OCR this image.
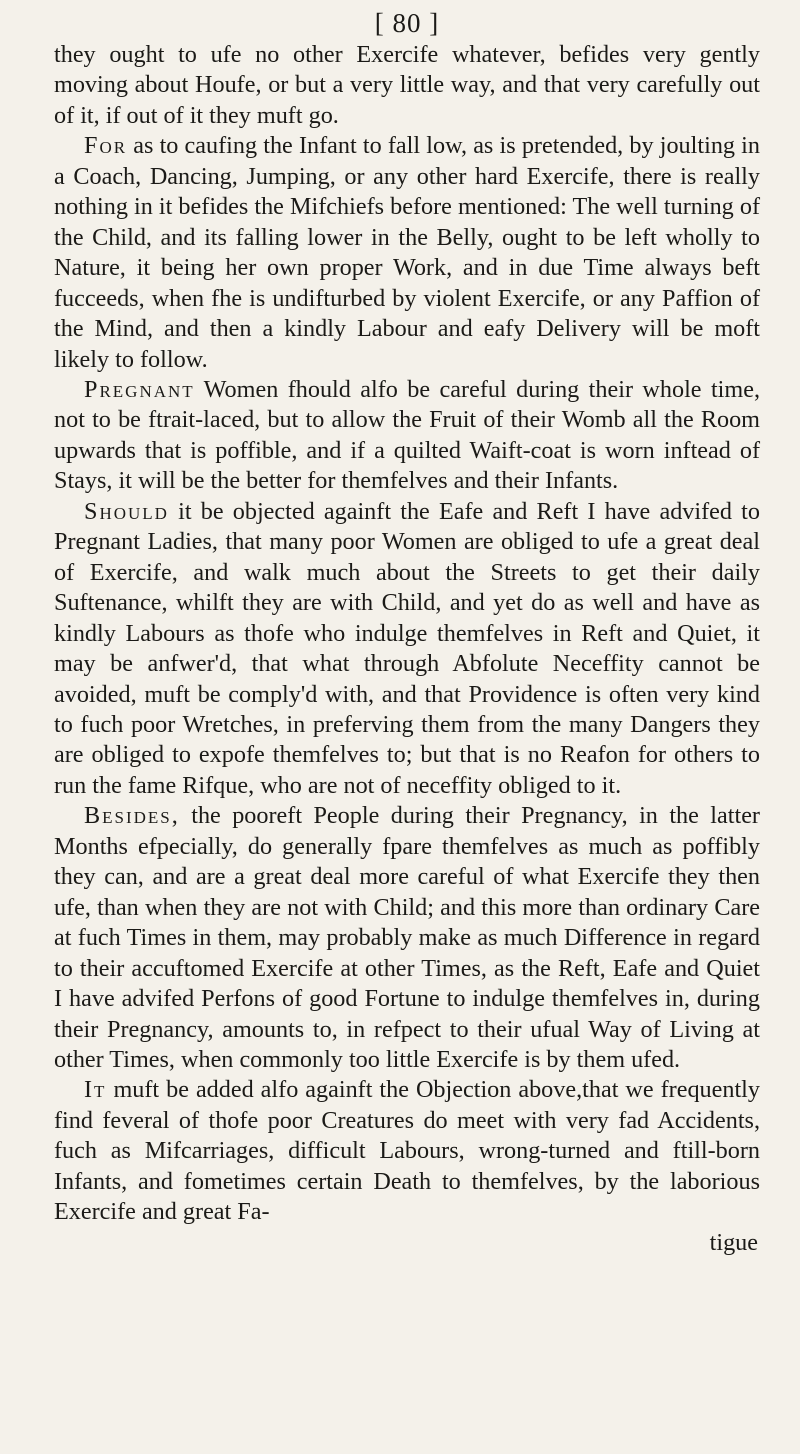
[ 80 ]

they ought to ufe no other Exercife whatever, befides very gently moving about Houfe, or but a very little way, and that very carefully out of it, if out of it they muft go.

For as to caufing the Infant to fall low, as is pretended, by joulting in a Coach, Dancing, Jumping, or any other hard Exercife, there is really nothing in it befides the Mifchiefs before mentioned: The well turning of the Child, and its falling lower in the Belly, ought to be left wholly to Nature, it being her own proper Work, and in due Time always beft fucceeds, when fhe is undifturbed by violent Exercife, or any Paffion of the Mind, and then a kindly Labour and eafy Delivery will be moft likely to follow.

Pregnant Women fhould alfo be careful during their whole time, not to be ftrait-laced, but to allow the Fruit of their Womb all the Room upwards that is poffible, and if a quilted Waift-coat is worn inftead of Stays, it will be the better for themfelves and their Infants.

Should it be objected againft the Eafe and Reft I have advifed to Pregnant Ladies, that many poor Women are obliged to ufe a great deal of Exercife, and walk much about the Streets to get their daily Suftenance, whilft they are with Child, and yet do as well and have as kindly Labours as thofe who indulge themfelves in Reft and Quiet, it may be anfwer'd, that what through Abfolute Neceffity cannot be avoided, muft be comply'd with, and that Providence is often very kind to fuch poor Wretches, in preferving them from the many Dangers they are obliged to expofe themfelves to; but that is no Reafon for others to run the fame Rifque, who are not of neceffity obliged to it.

Besides, the pooreft People during their Pregnancy, in the latter Months efpecially, do generally fpare themfelves as much as poffibly they can, and are a great deal more careful of what Exercife they then ufe, than when they are not with Child; and this more than ordinary Care at fuch Times in them, may probably make as much Difference in regard to their accuftomed Exercife at other Times, as the Reft, Eafe and Quiet I have advifed Perfons of good Fortune to indulge themfelves in, during their Pregnancy, amounts to, in refpect to their ufual Way of Living at other Times, when commonly too little Exercife is by them ufed.

It muft be added alfo againft the Objection above,that we frequently find feveral of thofe poor Creatures do meet with very fad Accidents, fuch as Mifcarriages, difficult Labours, wrong-turned and ftill-born Infants, and fometimes certain Death to themfelves, by the laborious Exercife and great Fa-

tigue
